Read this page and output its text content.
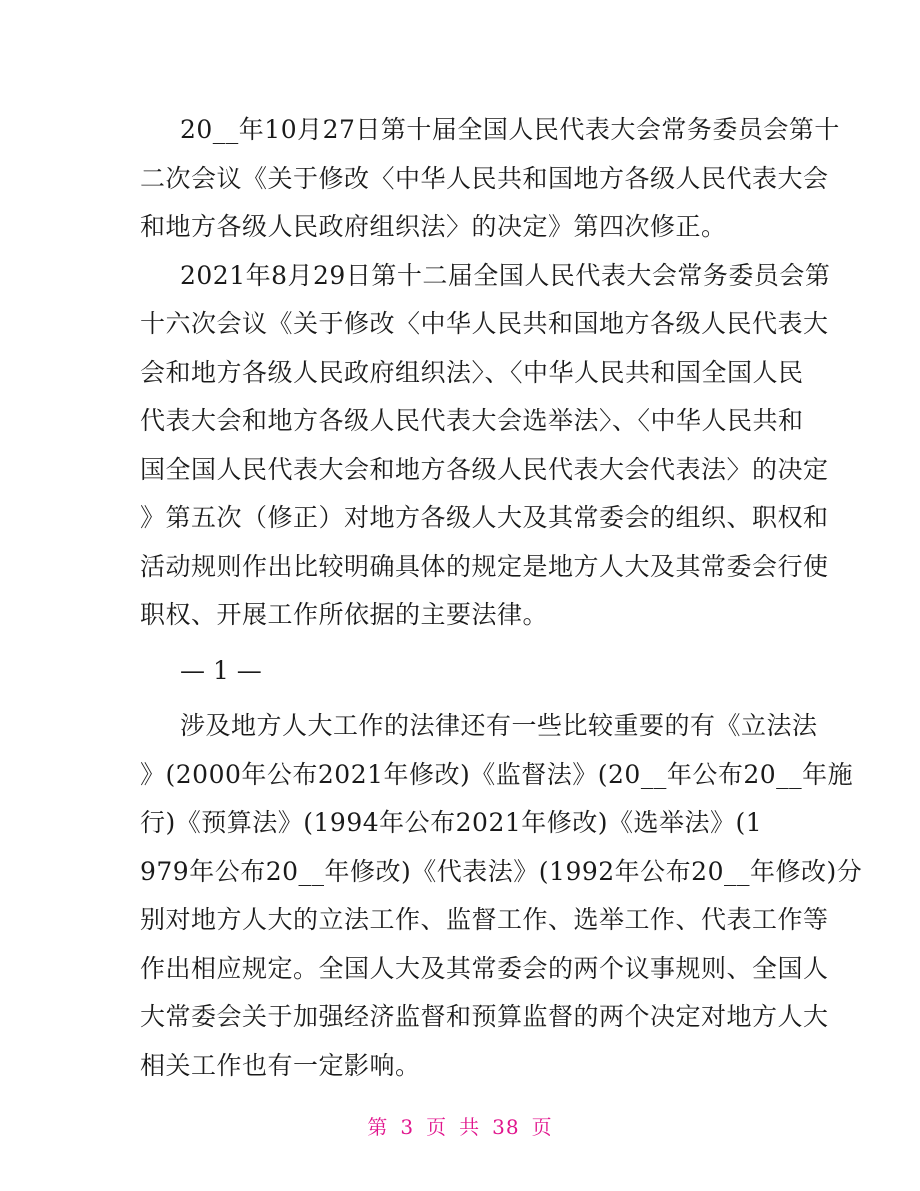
20__年10月27日第十届全国人民代表大会常务委员会第十
二次会议《关于修改〈中华人民共和国地方各级人民代表大会
和地方各级人民政府组织法〉的决定》第四次修正。
2021年8月29日第十二届全国人民代表大会常务委员会第
十六次会议《关于修改〈中华人民共和国地方各级人民代表大
会和地方各级人民政府组织法〉、〈中华人民共和国全国人民
代表大会和地方各级人民代表大会选举法〉、〈中华人民共和
国全国人民代表大会和地方各级人民代表大会代表法〉的决定
》第五次（修正）对地方各级人大及其常委会的组织、职权和
活动规则作出比较明确具体的规定是地方人大及其常委会行使
职权、开展工作所依据的主要法律。
— 1 —
涉及地方人大工作的法律还有一些比较重要的有《立法法
》(2000年公布2021年修改)《监督法》(20__年公布20__年施
行)《预算法》(1994年公布2021年修改)《选举法》(1
979年公布20__年修改)《代表法》(1992年公布20__年修改)分
别对地方人大的立法工作、监督工作、选举工作、代表工作等
作出相应规定。全国人大及其常委会的两个议事规则、全国人
大常委会关于加强经济监督和预算监督的两个决定对地方人大
相关工作也有一定影响。
第 3 页 共 38 页
